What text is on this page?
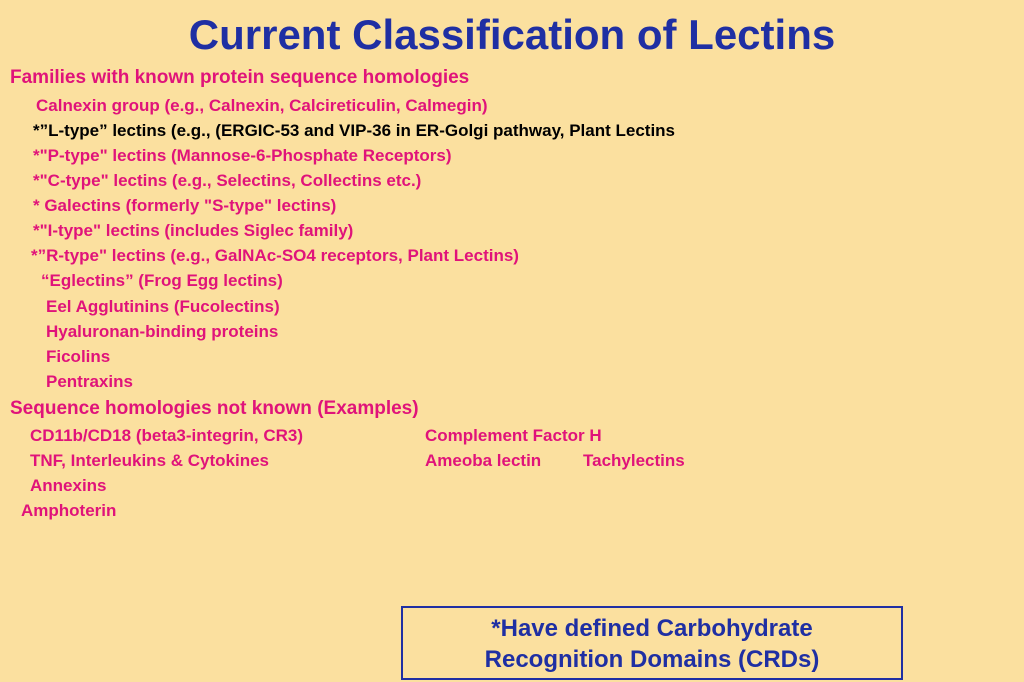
Current Classification of Lectins
Families with known protein sequence homologies
Calnexin group (e.g., Calnexin, Calcireticulin, Calmegin)
*”L-type” lectins (e.g., (ERGIC-53 and VIP-36 in ER-Golgi pathway, Plant Lectins
*"P-type" lectins (Mannose-6-Phosphate Receptors)
*"C-type" lectins (e.g., Selectins, Collectins etc.)
* Galectins (formerly "S-type" lectins)
*"I-type" lectins (includes Siglec family)
*”R-type" lectins (e.g., GalNAc-SO4 receptors, Plant Lectins)
“Eglectins” (Frog Egg lectins)
Eel Agglutinins (Fucolectins)
Hyaluronan-binding proteins
Ficolins
Pentraxins
Sequence homologies not known (Examples)
CD11b/CD18 (beta3-integrin, CR3)
TNF, Interleukins & Cytokines
Annexins
Amphoterin
Complement Factor H
Ameoba lectin Tachylectins
*Have defined Carbohydrate
Recognition Domains (CRDs)
